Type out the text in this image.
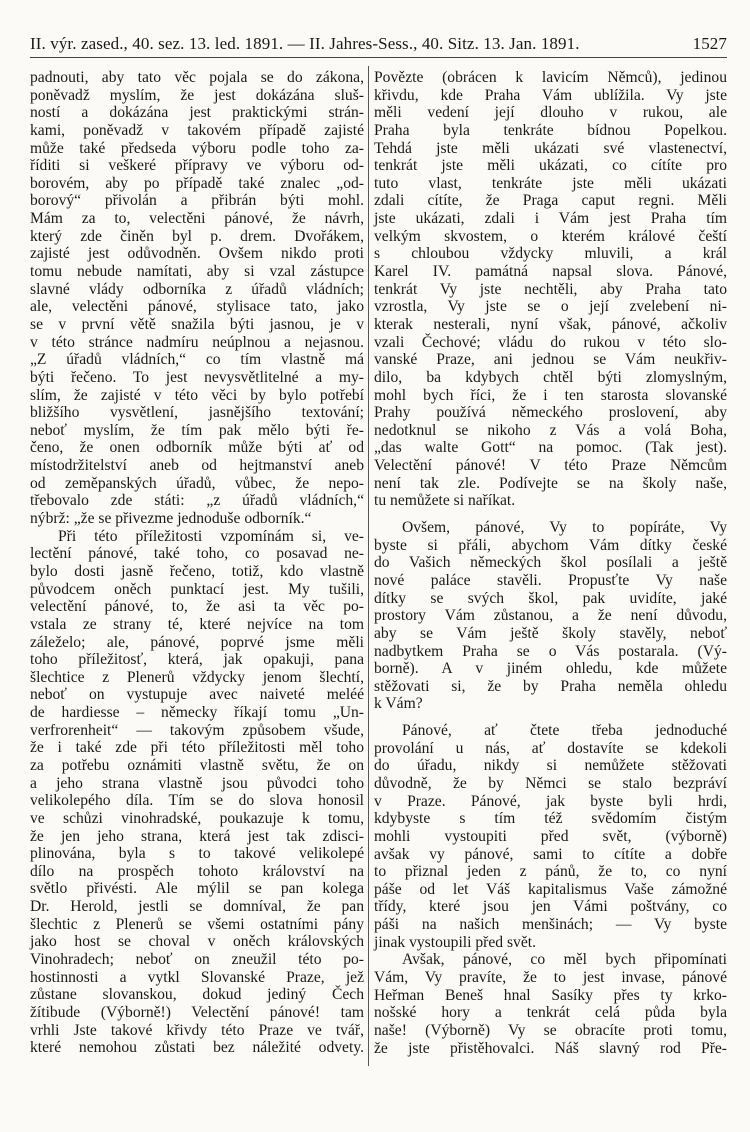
II. výr. zased., 40. sez. 13. led. 1891. — II. Jahres-Sess., 40. Sitz. 13. Jan. 1891.	1527
padnouti, aby tato věc pojala se do zákona,
poněvadž myslím, že jest dokázána sluš-
ností a dokázána jest praktickými strán-
kami, poněvadž v takovém případě zajisté
může také předseda výboru podle toho za-
říditi si veškeré přípravy ve výboru od-
borovém, aby po případě také znalec „od-
borový“ přivolán a přibrán býti mohl.
Mám za to, velectěni pánové, že návrh,
který zde činěn byl p. drem. Dvořákem,
zajisté jest odůvodněn. Ovšem nikdo proti
tomu nebude namítati, aby si vzal zástupce
slavné vlády odborníka z úřadů vládních;
ale, velectěni pánové, stylisace tato, jako
se v první větě snažila býti jasnou, je v
v této stránce nadmíru neúplnou a nejasnou.
„Z úřadů vládních,“ co tím vlastně má
býti řečeno. To jest nevysvětlitelné a my-
slím, že zajisté v této věci by bylo potřebí
bližšího vysvětlení, jasnějšího textování;
neboť myslím, že tím pak mělo býti ře-
čeno, že onen odborník může býti ať od
místodržitelství aneb od hejtmanství aneb
od zeměpanských úřadů, vůbec, že nepo-
třebovalo zde státi: „z úřadů vládních,“
nýbrž: „že se přivezme jednoduše odborník.“
Při této příležitosti vzpomínám si, ve-
lectění pánové, také toho, co posavad ne-
bylo dosti jasně řečeno, totiž, kdo vlastně
původcem oněch punktací jest. My tušili,
velectění pánové, to, že asi ta věc po-
vstala ze strany té, které nejvíce na tom
záleželo; ale, pánové, poprvé jsme měli
toho příležitosť, která, jak opakuji, pana
šlechtice z Plenerů vždycky jenom šlechtí,
neboť on vystupuje avec naiveté meléé
de hardiesse – německy říkají tomu „Un-
verfrorenheit“ — takovým způsobem všude,
že i také zde při této příležitosti měl toho
za potřebu oznámiti vlastně světu, že on
a jeho strana vlastně jsou původci toho
velikolepého díla. Tím se do slova honosil
ve schůzi vinohradské, poukazuje k tomu,
že jen jeho strana, která jest tak zdisci-
plinována, byla s to takové velikolepé
dílo na prospěch tohoto království na
světlo přivésti. Ale mýlil se pan kolega
Dr. Herold, jestli se domníval, že pan
šlechtic z Plenerů se všemi ostatními pány
jako host se choval v oněch královských
Vinohradech; neboť on zneužil této po-
hostinnosti a vytkl Slovanské Praze, jež
zůstane slovanskou, dokud jediný Čech
žítibude (Výborně!) Velectění pánové! tam
vrhli Jste takové křivdy této Praze ve tvář,
které nemohou zůstati bez náležité odvety.
Povězte (obrácen k lavicím Němců), jedinou
křivdu, kde Praha Vám ublížila. Vy jste
měli vedení její dlouho v rukou, ale
Praha byla tenkráte bídnou Popelkou.
Tehdá jste měli ukázati své vlastenectví,
tenkrát jste měli ukázati, co cítíte pro
tuto vlast, tenkráte jste měli ukázati
zdali cítíte, že Praga caput regni. Měli
jste ukázati, zdali i Vám jest Praha tím
velkým skvostem, o kterém králové čeští
s chloubou vždycky mluvili, a král
Karel IV. památná napsal slova. Pánové,
tenkrát Vy jste nechtěli, aby Praha tato
vzrostla, Vy jste se o její zvelebení ni-
kterak nesterali, nyní však, pánové, ačkoliv
vzali Čechové; vládu do rukou v této slo-
vanské Praze, ani jednou se Vám neukřiv-
dilo, ba kdybych chtěl býti zlomyslným,
mohl bych říci, že i ten starosta slovanské
Prahy používá německého proslovení, aby
nedotknul se nikoho z Vás a volá Boha,
„das walte Gott“ na pomoc. (Tak jest).
Velectění pánové! V této Praze Němcům
není tak zle. Podívejte se na školy naše,
tu nemůžete si naříkat.
Ovšem, pánové, Vy to popíráte, Vy
byste si přáli, abychom Vám dítky české
do Vašich německých škol posílali a ještě
nové paláce stavěli. Propusťte Vy naše
dítky se svých škol, pak uvidíte, jaké
prostory Vám zůstanou, a že není důvodu,
aby se Vám ještě školy stavěly, neboť
nadbytkem Praha se o Vás postarala. (Vý-
borně). A v jiném ohledu, kde můžete
stěžovati si, že by Praha neměla ohledu
k Vám?
Pánové, ať čtete třeba jednoduché
provolání u nás, ať dostavíte se kdekoli
do úřadu, nikdy si nemůžete stěžovati
důvodně, že by Němci se stalo bezpráví
v Praze. Pánové, jak byste byli hrdi,
kdybyste s tím též svědomím čistým
mohli vystoupiti před svět, (výborně)
avšak vy pánové, sami to cítíte a dobře
to přiznal jeden z pánů, že to, co nyní
páše od let Váš kapitalismus Vaše zámožné
třídy, které jsou jen Vámi poštvány, co
páši na našich menšinách; — Vy byste
jinak vystoupili před svět.
Avšak, pánové, co měl bych připomínati
Vám, Vy pravíte, že to jest invase, pánové
Heřman Beneš hnal Sasíky přes ty krko-
nošské hory a tenkrát celá půda byla
naše! (Výborně) Vy se obracíte proti tomu,
že jste přistěhovalci. Náš slavný rod Pře-
